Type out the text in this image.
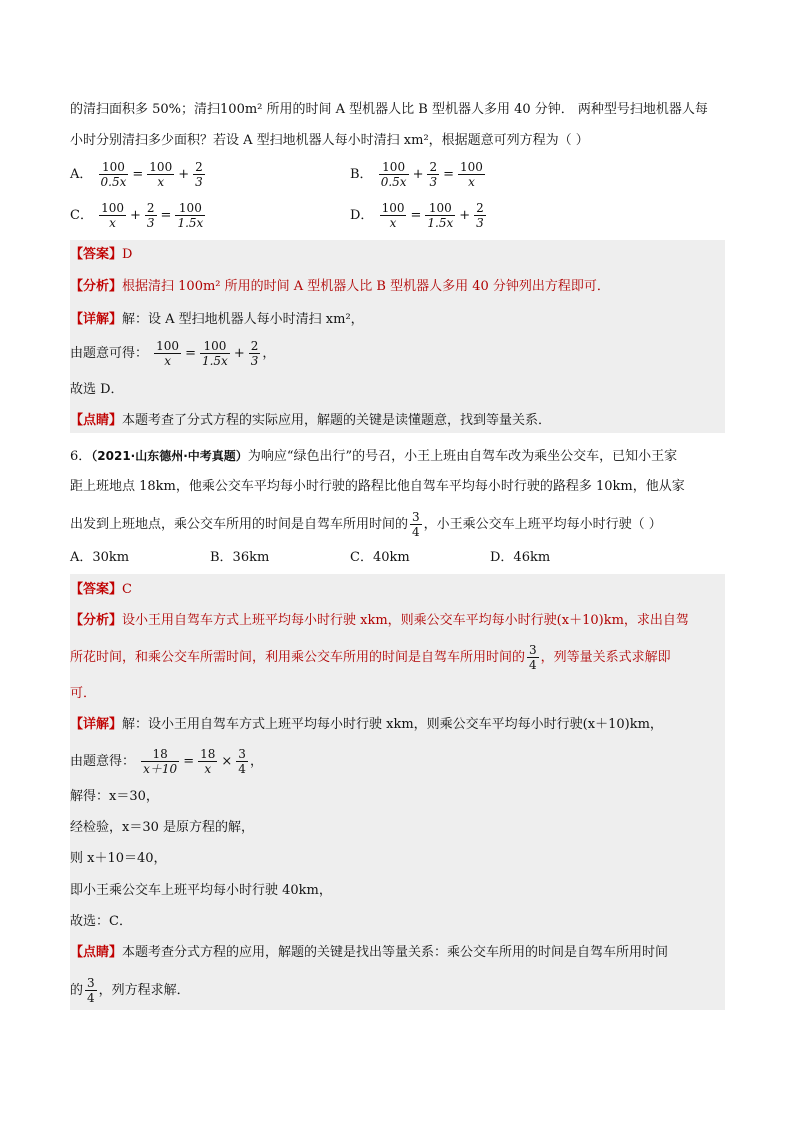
的清扫面积多 50%；清扫100m² 所用的时间 A 型机器人比 B 型机器人多用 40 分钟． 两种型号扫地机器人每
小时分别清扫多少面积？若设 A 型扫地机器人每小时清扫 xm²，根据题意可列方程为（ ）
A． $\frac{100}{0.5x} = \frac{100}{x} + \frac{2}{3}$	B． $\frac{100}{0.5x} + \frac{2}{3} = \frac{100}{x}$
C． $\frac{100}{x} + \frac{2}{3} = \frac{100}{1.5x}$	D． $\frac{100}{x} = \frac{100}{1.5x} + \frac{2}{3}$
【答案】D
【分析】根据清扫 100m² 所用的时间 A 型机器人比 B 型机器人多用 40 分钟列出方程即可．
【详解】解：设 A 型扫地机器人每小时清扫 xm²，
由题意可得： $\frac{100}{x} = \frac{100}{1.5x} + \frac{2}{3}$ ，
故选 D．
【点睛】本题考查了分式方程的实际应用，解题的关键是读懂题意，找到等量关系．
6．（2021·山东德州·中考真题）为响应“绿色出行”的号召，小王上班由自驾车改为乘坐公交车，已知小王家
距上班地点 18km，他乘公交车平均每小时行驶的路程比他自驾车平均每小时行驶的路程多 10km，他从家
出发到上班地点，乘公交车所用的时间是自驾车所用时间的 $\frac{3}{4}$ ，小王乘公交车上班平均每小时行驶（ ）
A．30km	B．36km	C．40km	D．46km
【答案】C
【分析】设小王用自驾车方式上班平均每小时行驶 xkm，则乘公交车平均每小时行驶(x＋10)km，求出自驾
所花时间，和乘公交车所需时间，利用乘公交车所用的时间是自驾车所用时间的 $\frac{3}{4}$ ，列等量关系式求解即
可．
【详解】解：设小王用自驾车方式上班平均每小时行驶 xkm，则乘公交车平均每小时行驶(x＋10)km，
由题意得： $\frac{18}{x+10} = \frac{18}{x} \times \frac{3}{4}$ ，
解得：x＝30，
经检验，x＝30 是原方程的解，
则 x＋10＝40，
即小王乘公交车上班平均每小时行驶 40km，
故选：C．
【点睛】本题考查分式方程的应用，解题的关键是找出等量关系：乘公交车所用的时间是自驾车所用时间
的 $\frac{3}{4}$ ，列方程求解．
